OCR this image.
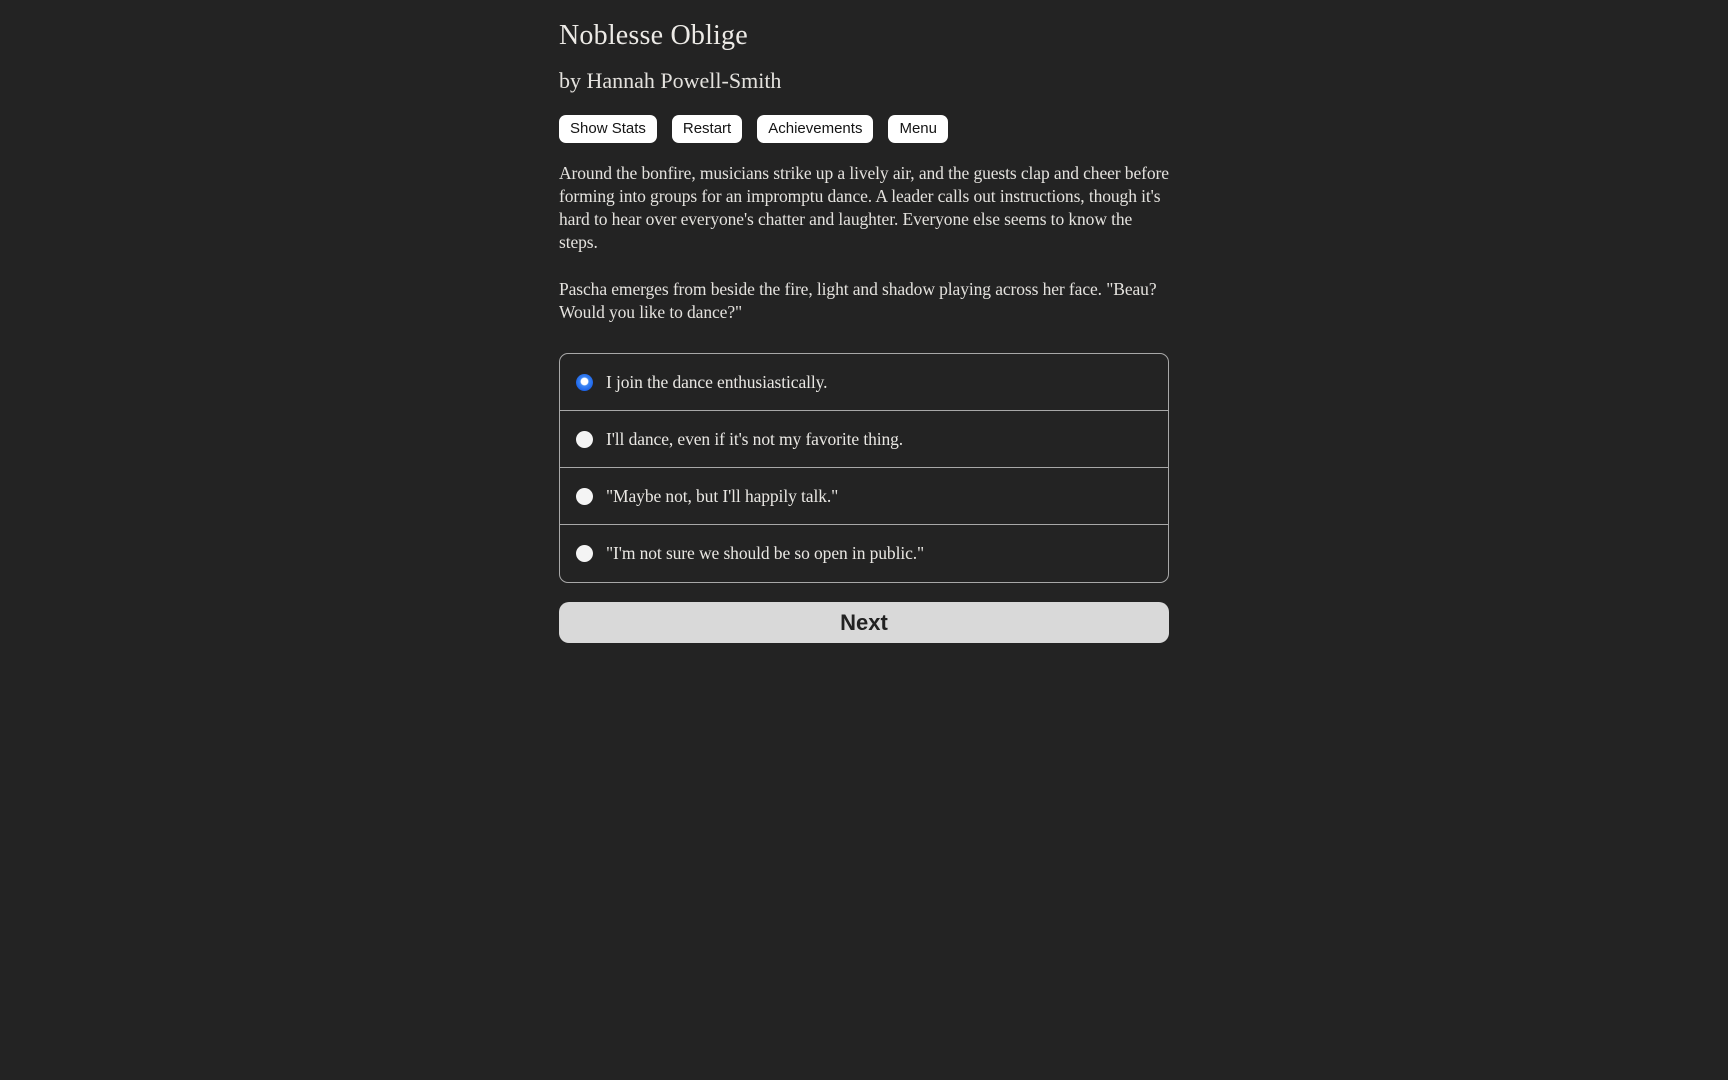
Noblesse Oblige

by Hannah Powell-Smith

Show Stats	Restart	Achievements	Menu

Around the bonfire, musicians strike up a lively air, and the guests clap and cheer before forming into groups for an impromptu dance. A leader calls out instructions, though it's hard to hear over everyone's chatter and laughter. Everyone else seems to know the steps.

Pascha emerges from beside the fire, light and shadow playing across her face. "Beau? Would you like to dance?"

I join the dance enthusiastically.
I'll dance, even if it's not my favorite thing.
"Maybe not, but I'll happily talk."
"I'm not sure we should be so open in public."
Next
